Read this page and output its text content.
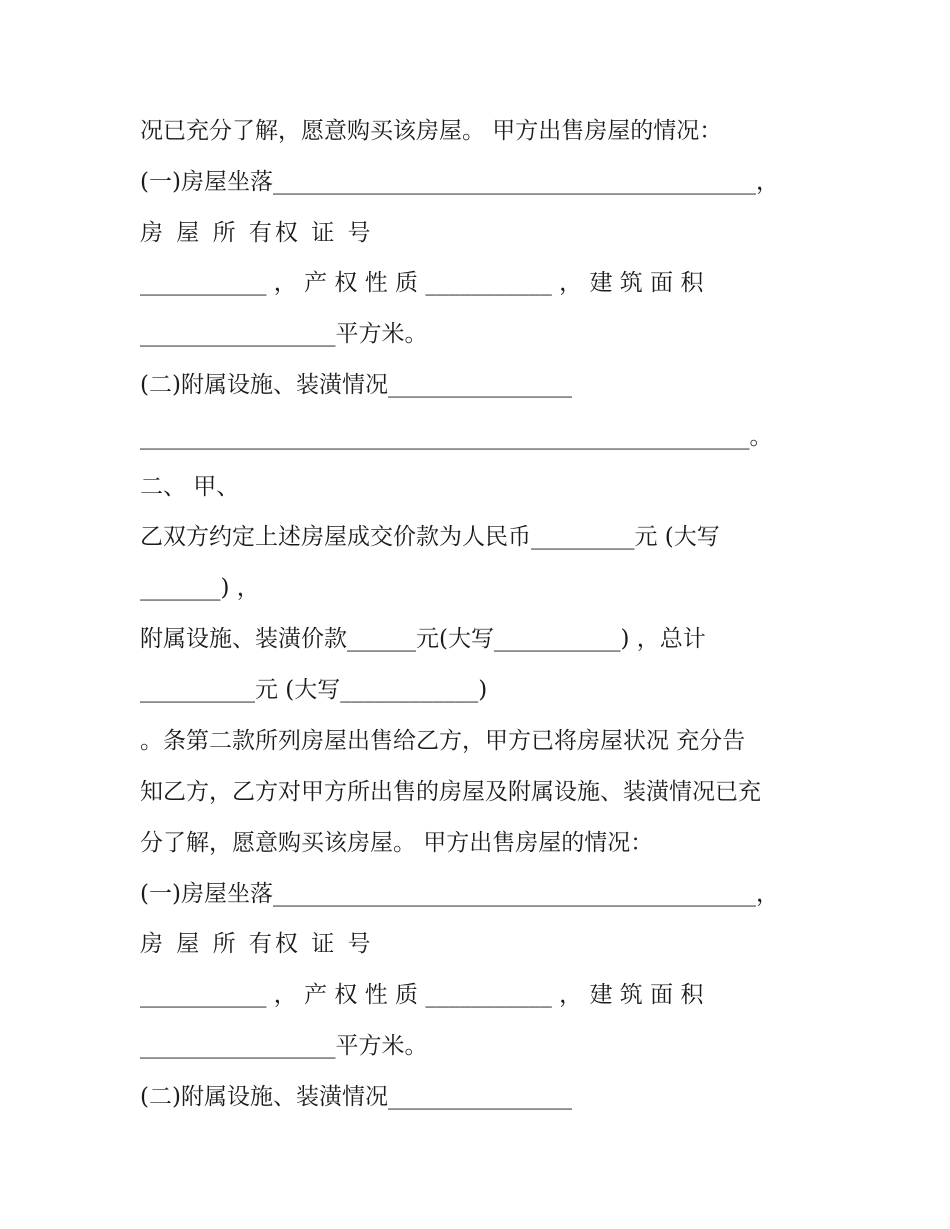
况已充分了解，愿意购买该房屋。 甲方出售房屋的情况：
(一)房屋坐落__________________________________________，
房 屋 所 有权 证 号
___________ ， 产 权 性 质 ___________ ， 建 筑 面 积
_________________平方米。
(二)附属设施、装潢情况________________
_____________________________________________________。
二、 甲、
乙双方约定上述房屋成交价款为人民币_________元 (大写
_______) ，
附属设施、装潢价款______元(大写___________) ，总计
__________元 (大写____________)
。条第二款所列房屋出售给乙方，甲方已将房屋状况 充分告
知乙方，乙方对甲方所出售的房屋及附属设施、装潢情况已充
分了解，愿意购买该房屋。 甲方出售房屋的情况：
(一)房屋坐落__________________________________________，
房 屋 所 有权 证 号
___________ ， 产 权 性 质 ___________ ， 建 筑 面 积
_________________平方米。
(二)附属设施、装潢情况________________
